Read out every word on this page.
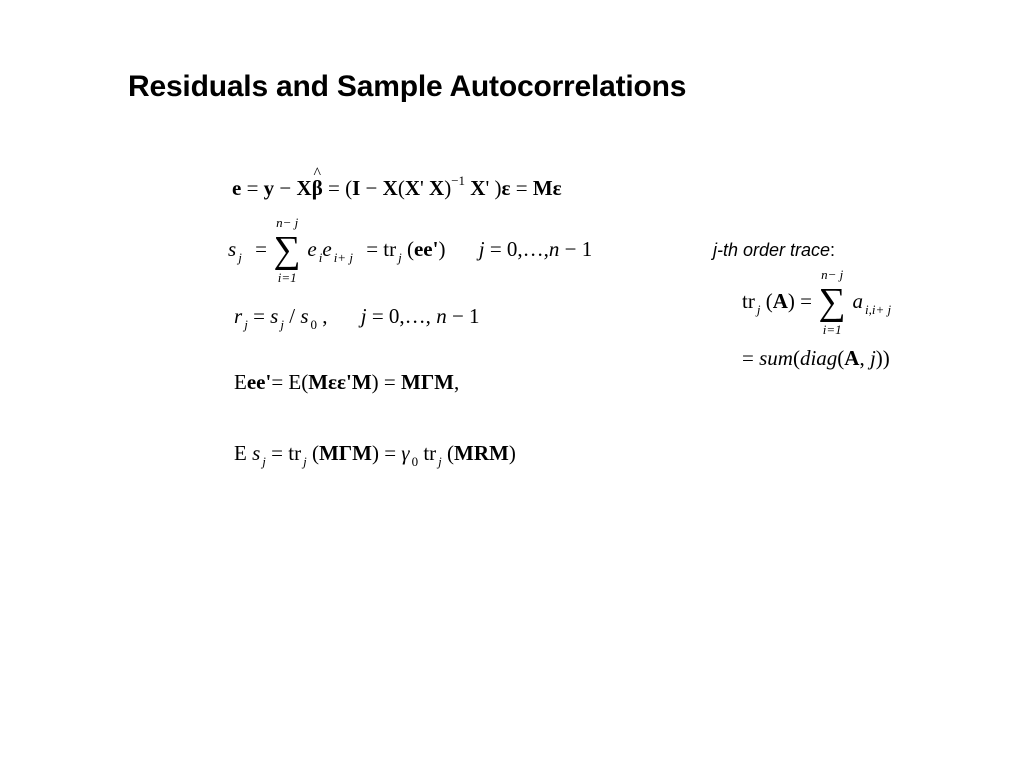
Residuals and Sample Autocorrelations
e = y − X^ β = (I − X(X' X)$^{-1}$ X' )ε = Mε
s $_j$ =
n− j
∑
i=1
e $_i$e $_{i+ j}$ = tr $_j$ (ee') j = 0,…,n − 1
r $_j$ = s $_j$ / s $_0$ , j = 0,…, n − 1
Eee'= E(Mεε'M) = MΓM,
E s $_j$ = tr $_j$ (MΓM) = γ $_0$ tr $_j$ (MRM)
j-th order trace:
tr $_j$ (A) =
n− j
∑
i=1
a $_{i,i+ j}$
= sum(diag(A, j))
